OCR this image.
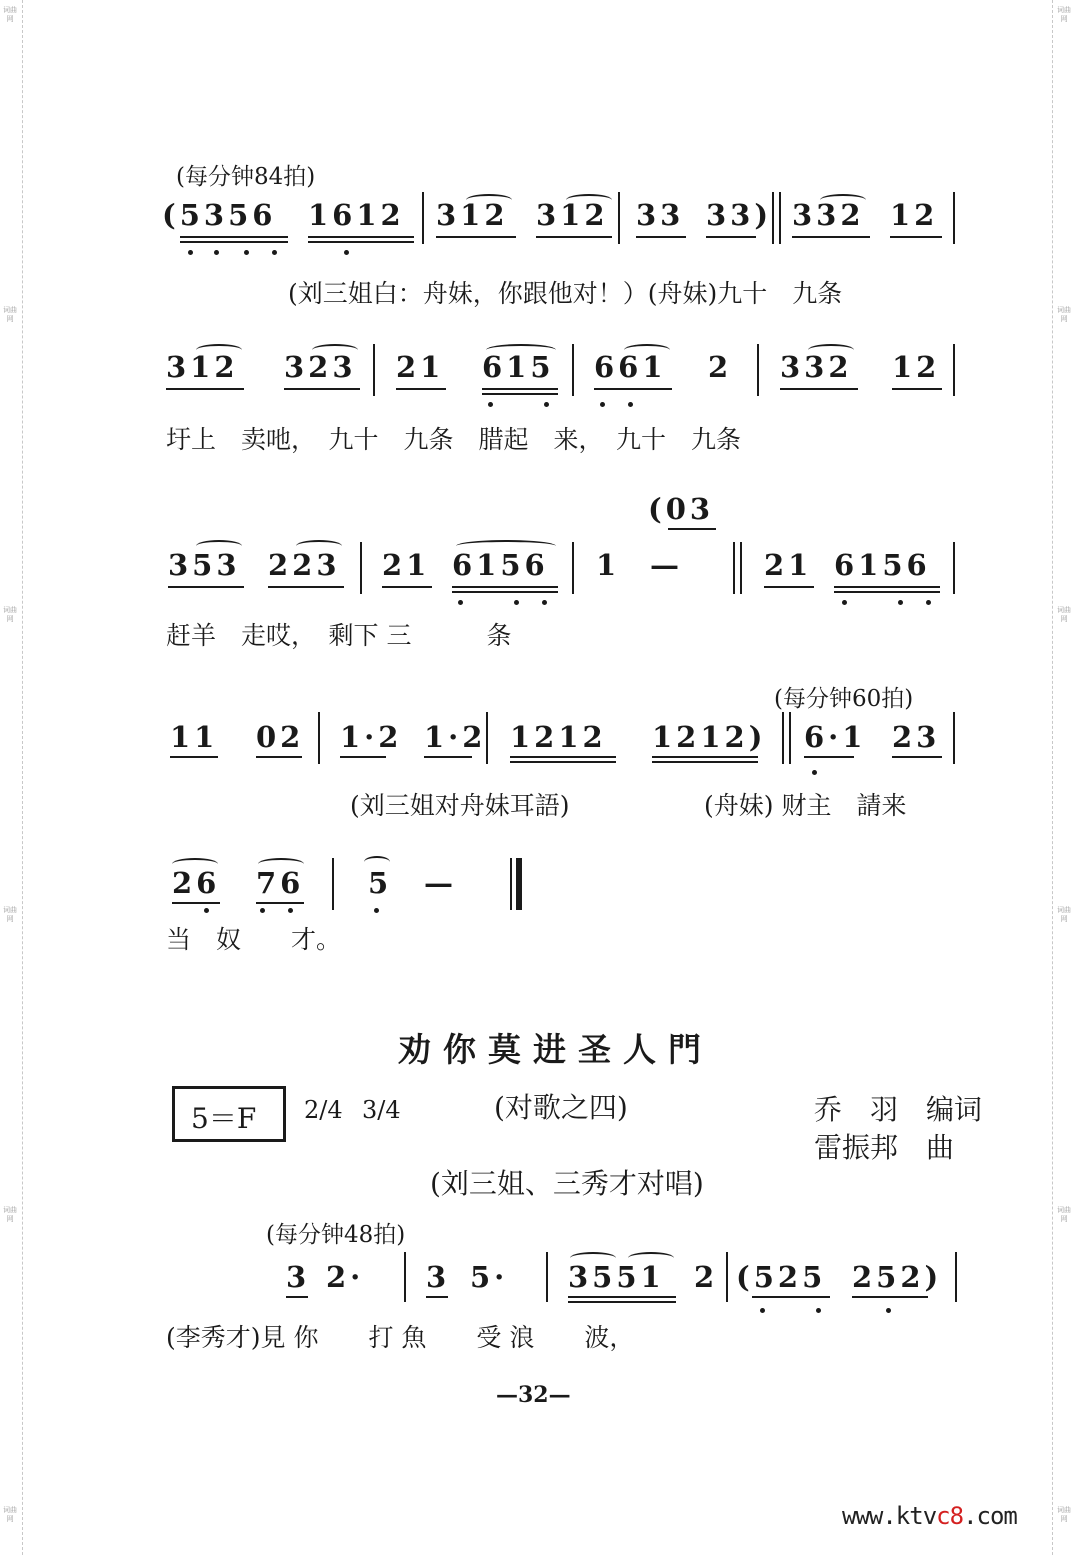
词曲网
词曲网
词曲网
词曲网
词曲网
词曲网
词曲网
词曲网
词曲网
词曲网
词曲网
词曲网
(每分钟84拍)
(5356 1612 312 312 33 33) 332 12
(刘三姐白：舟妹，你跟他对！）(舟妹)九十　九条
312 323 21 615 661 2 332 12
圩上　卖吔，　九十　九条　腊起　来，　九十　九条
(03
353 223 21 6156 1 —	21 6156
赶羊　走哎，　剩下 三　　　条
(每分钟60拍)
11 02 1·2 1·2 1212 1212) 6·1 23
(刘三姐对舟妹耳語)	(舟妹) 财主　請来
26 76 5 —
当　奴　　才。
劝你莫进圣人門
5＝F 2/4 3/4	(对歌之四)	乔　羽　编词
雷振邦　曲
(刘三姐、三秀才对唱)
(每分钟48拍)
3 2· 3 5· 3551 2 (525 252)
(李秀才)見 你　　打 魚　　受 浪　　波，
—32—
www.ktvc8.com
